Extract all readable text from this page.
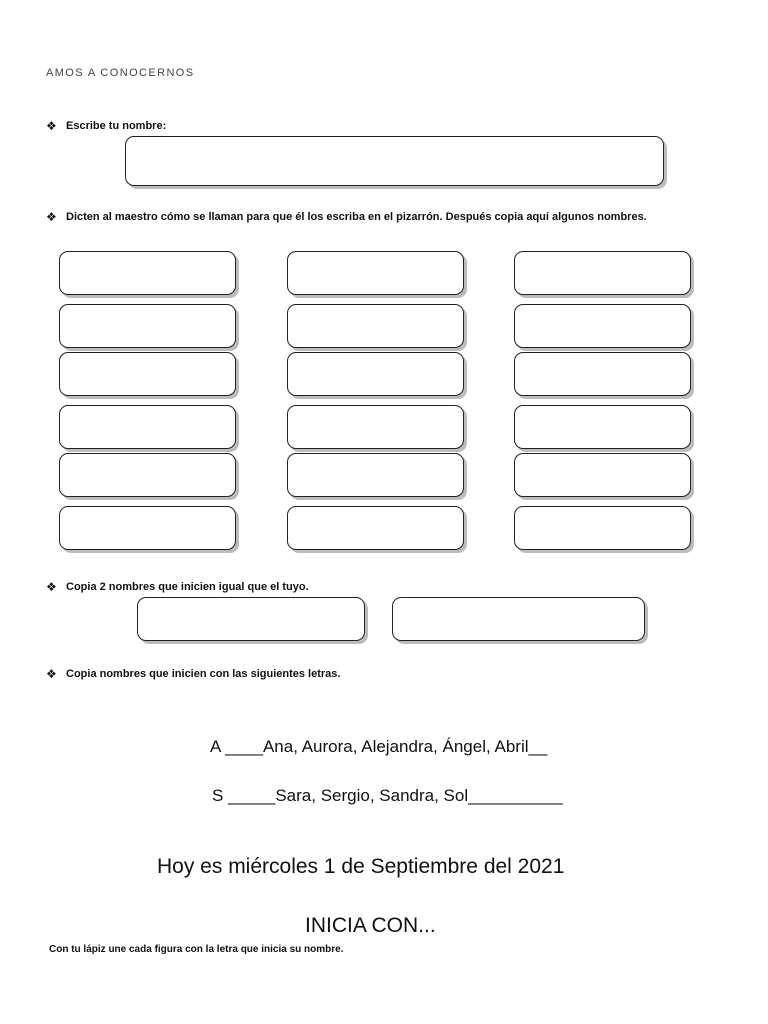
AMOS A CONOCERNOS
❖ Escribe tu nombre:
❖ Dicten al maestro cómo se llaman para que él los escriba en el pizarrón. Después copia aquí algunos nombres.
❖ Copia 2 nombres que inicien igual que el tuyo.
❖ Copia nombres que inicien con las siguientes letras.
A ____Ana, Aurora, Alejandra, Ángel, Abril__
S _____Sara, Sergio, Sandra, Sol__________
Hoy es miércoles 1 de Septiembre del 2021
INICIA CON...
Con tu lápiz une cada figura con la letra que inicia su nombre.
